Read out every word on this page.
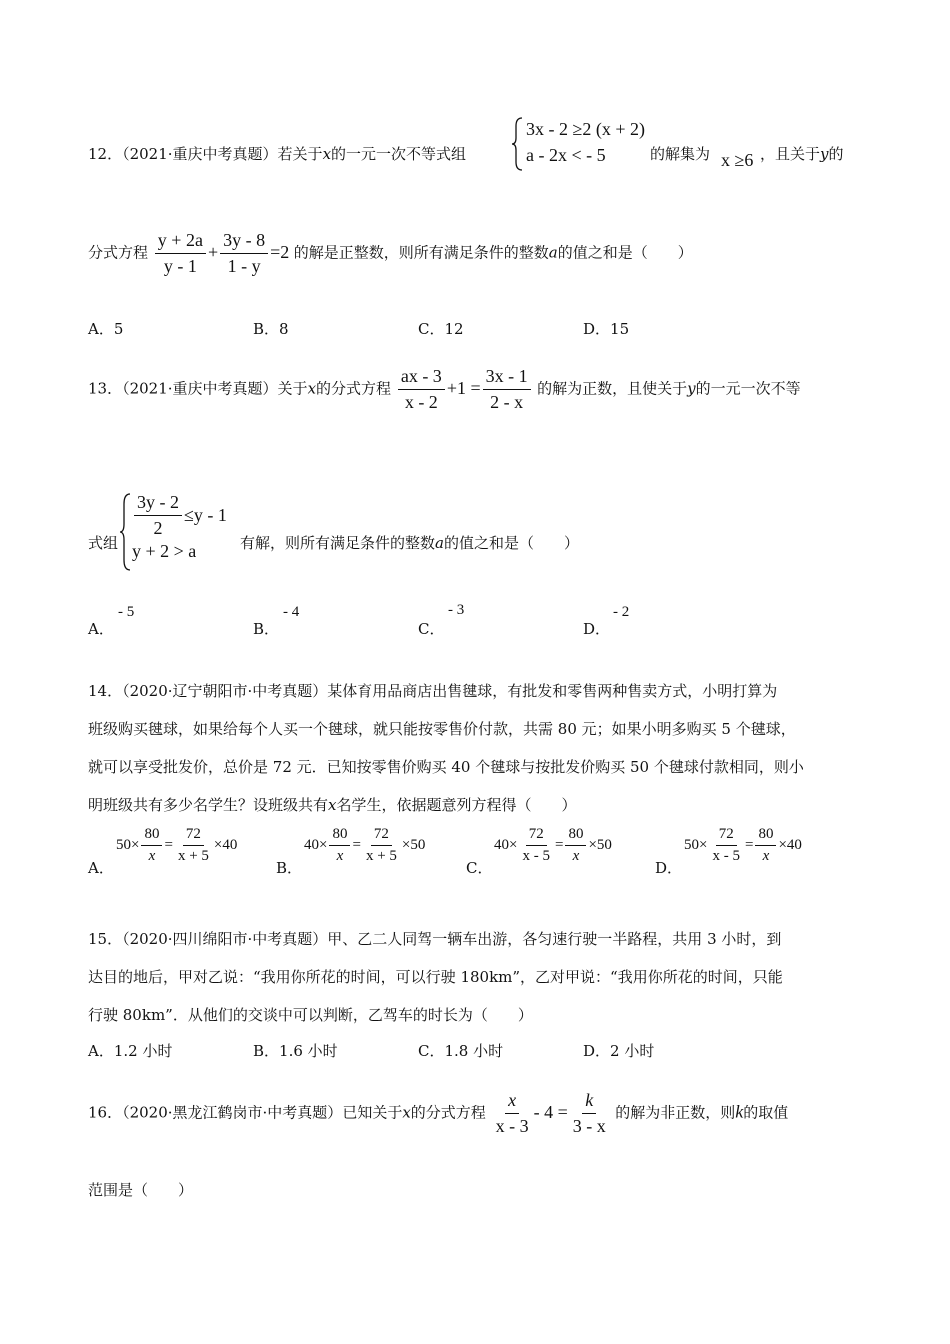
12．（2021·重庆中考真题）若关于x的一元一次不等式组
3x - 2 ≥2 (x + 2)
a - 2x < - 5	的解集为 x ≥6 ，且关于y的
分式方程 $\frac{y + 2a}{y - 1} + \frac{3y - 8}{1 - y} =2$ 的解是正整数，则所有满足条件的整数a的值之和是（　　）
A．5	B．8	C．12	D．15
13．（2021·重庆中考真题）关于x的分式方程 $\frac{ax - 3}{x - 2} +1 = \frac{3x - 1}{2 - x}$ 的解为正数，且使关于y的一元一次不等
式组
$\frac{3y - 2}{2} \le y - 1$
y + 2 > a	有解，则所有满足条件的整数a的值之和是（　　）
A．
- 5
B．
- 4
C．
- 3
D．
- 2
14．（2020·辽宁朝阳市·中考真题）某体育用品商店出售毽球，有批发和零售两种售卖方式，小明打算为
班级购买毽球，如果给每个人买一个毽球，就只能按零售价付款，共需 80 元；如果小明多购买 5 个毽球，
就可以享受批发价，总价是 72 元．已知按零售价购买 40 个毽球与按批发价购买 50 个毽球付款相同，则小
明班级共有多少名学生？设班级共有x名学生，依据题意列方程得（　　）
A．
$50\times \frac{80}{x} = \frac{72}{x + 5} \times 40$
B．
$40\times \frac{80}{x} = \frac{72}{x + 5} \times 50$
C．
$40\times \frac{72}{x - 5} = \frac{80}{x} \times 50$
D．
$50\times \frac{72}{x - 5} = \frac{80}{x} \times 40$
15．（2020·四川绵阳市·中考真题）甲、乙二人同驾一辆车出游，各匀速行驶一半路程，共用 3 小时，到
达目的地后，甲对乙说：“我用你所花的时间，可以行驶 180km”，乙对甲说：“我用你所花的时间，只能
行驶 80km”．从他们的交谈中可以判断，乙驾车的时长为（　　）
A．1.2 小时	B．1.6 小时	C．1.8 小时	D．2 小时
16．（2020·黑龙江鹤岗市·中考真题）已知关于x的分式方程 $\frac{x}{x - 3} - 4 = \frac{k}{3 - x}$ 的解为非正数，则k的取值
范围是（　　）
